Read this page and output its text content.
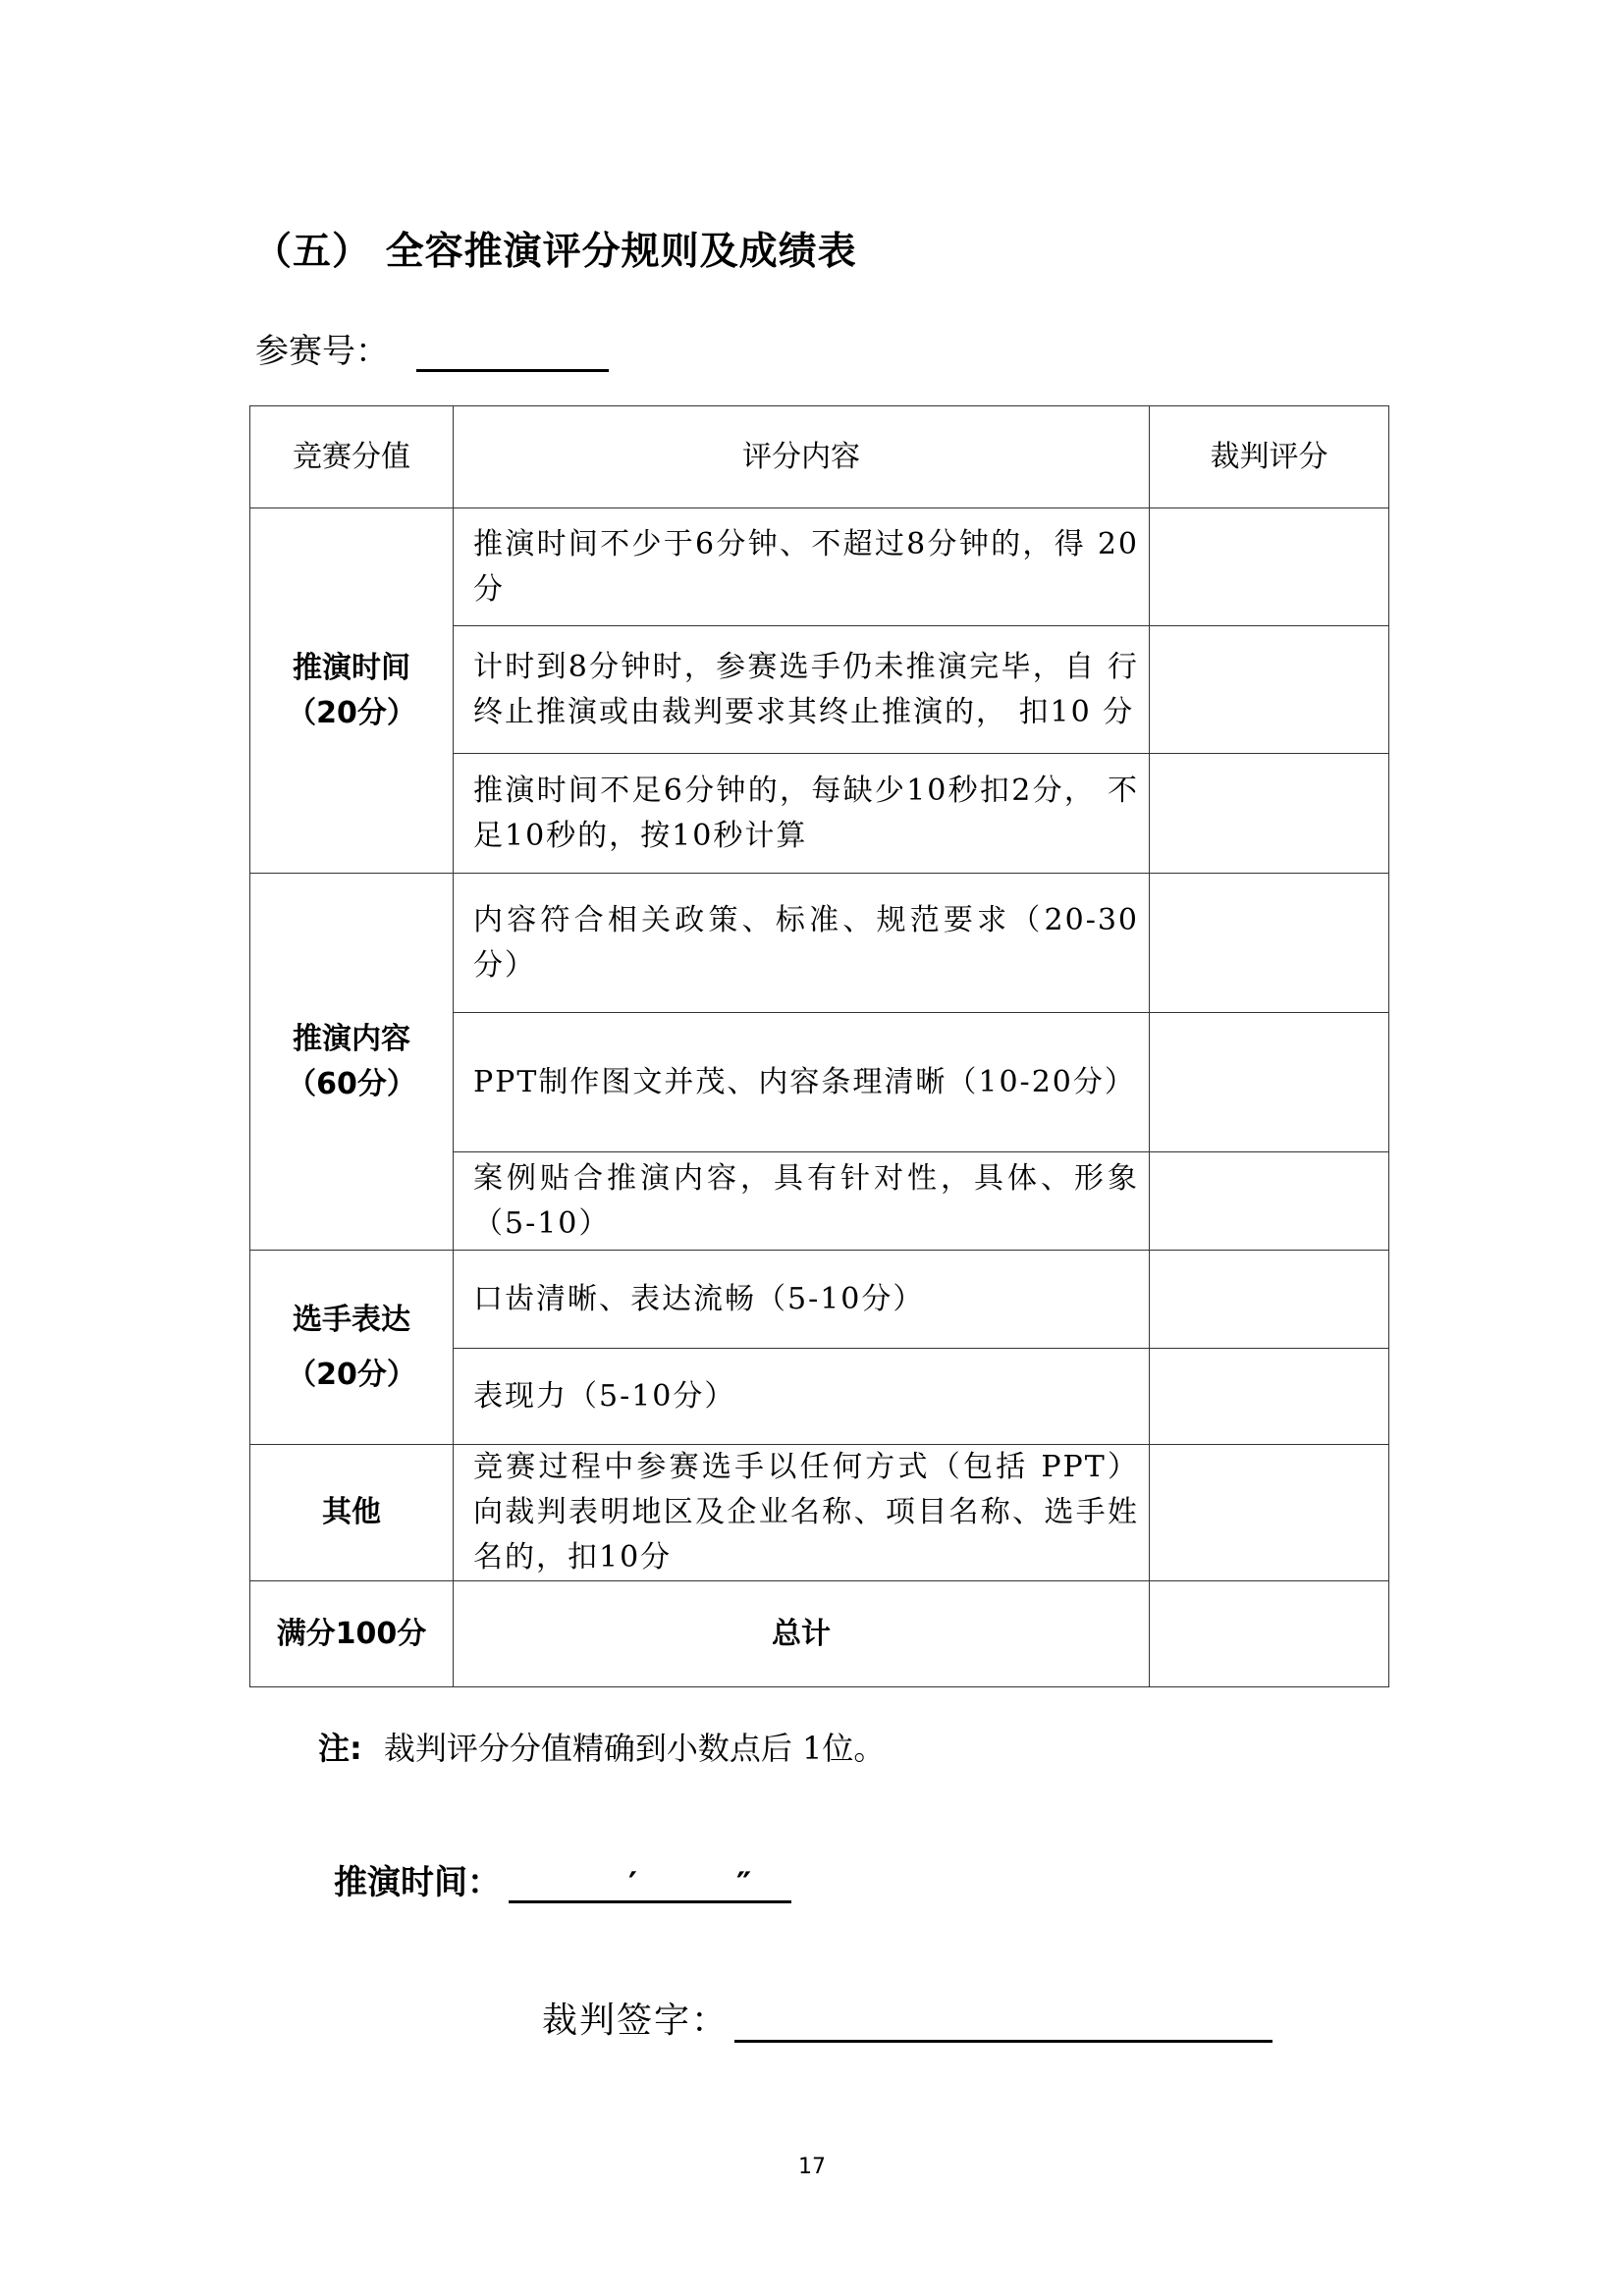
（五） 全容推演评分规则及成绩表
参赛号：
竞赛分值	评分内容	裁判评分

推演时间
（20分）	推演时间不少于6分钟、不超过8分钟的，得 20分	
	计时到8分钟时，参赛选手仍未推演完毕，自 行终止推演或由裁判要求其终止推演的， 扣10 分	
	推演时间不足6分钟的，每缺少10秒扣2分， 不足10秒的，按10秒计算	

推演内容
（60分）	内容符合相关政策、标准、规范要求（20-30分）	
	PPT制作图文并茂、内容条理清晰（10-20分）	
	案例贴合推演内容，具有针对性，具体、形象（5-10）	

选手表达
（20分）	口齿清晰、表达流畅（5-10分）	
	表现力（5-10分）	

其他	竞赛过程中参赛选手以任何方式（包括 PPT）向裁判表明地区及企业名称、项目名称、选手姓名的，扣10分	
满分100分	总计	
注: 裁判评分分值精确到小数点后 1位。
推演时间：	′	″
裁判签字：
17
